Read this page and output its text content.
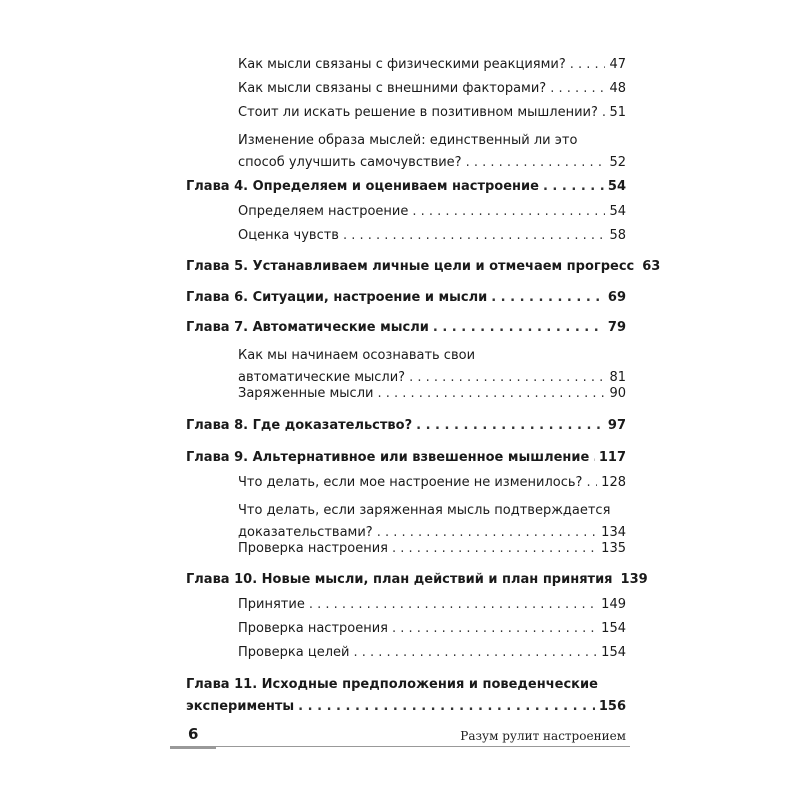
Как мысли связаны с физическими реакциями? . . .	47
Как мысли связаны с внешними факторами? . . .	48
Стоит ли искать решение в позитивном мышлении? . . . 51
Изменение образа мыслей: единственный ли это
способ улучшить самочувствие? . . .	52
Глава 4. Определяем и оцениваем настроение . . .	54
Определяем настроение . . .	54
Оценка чувств . . .	58
Глава 5. Устанавливаем личные цели и отмечаем прогресс 63
Глава 6. Ситуации, настроение и мысли . . .	69
Глава 7. Автоматические мысли . . .	79
Как мы начинаем осознавать свои
автоматические мысли? . . .	81
Заряженные мысли . . .	90
Глава 8. Где доказательство? . . .	97
Глава 9. Альтернативное или взвешенное мышление . . . 117
Что делать, если мое настроение не изменилось? . . . 128
Что делать, если заряженная мысль подтверждается
доказательствами? . . .	134
Проверка настроения . . .	135
Глава 10. Новые мысли, план действий и план принятия 139
Принятие . . .	149
Проверка настроения . . .	154
Проверка целей . . .	154
Глава 11. Исходные предположения и поведенческие
эксперименты . . .	156
6	Разум рулит настроением
